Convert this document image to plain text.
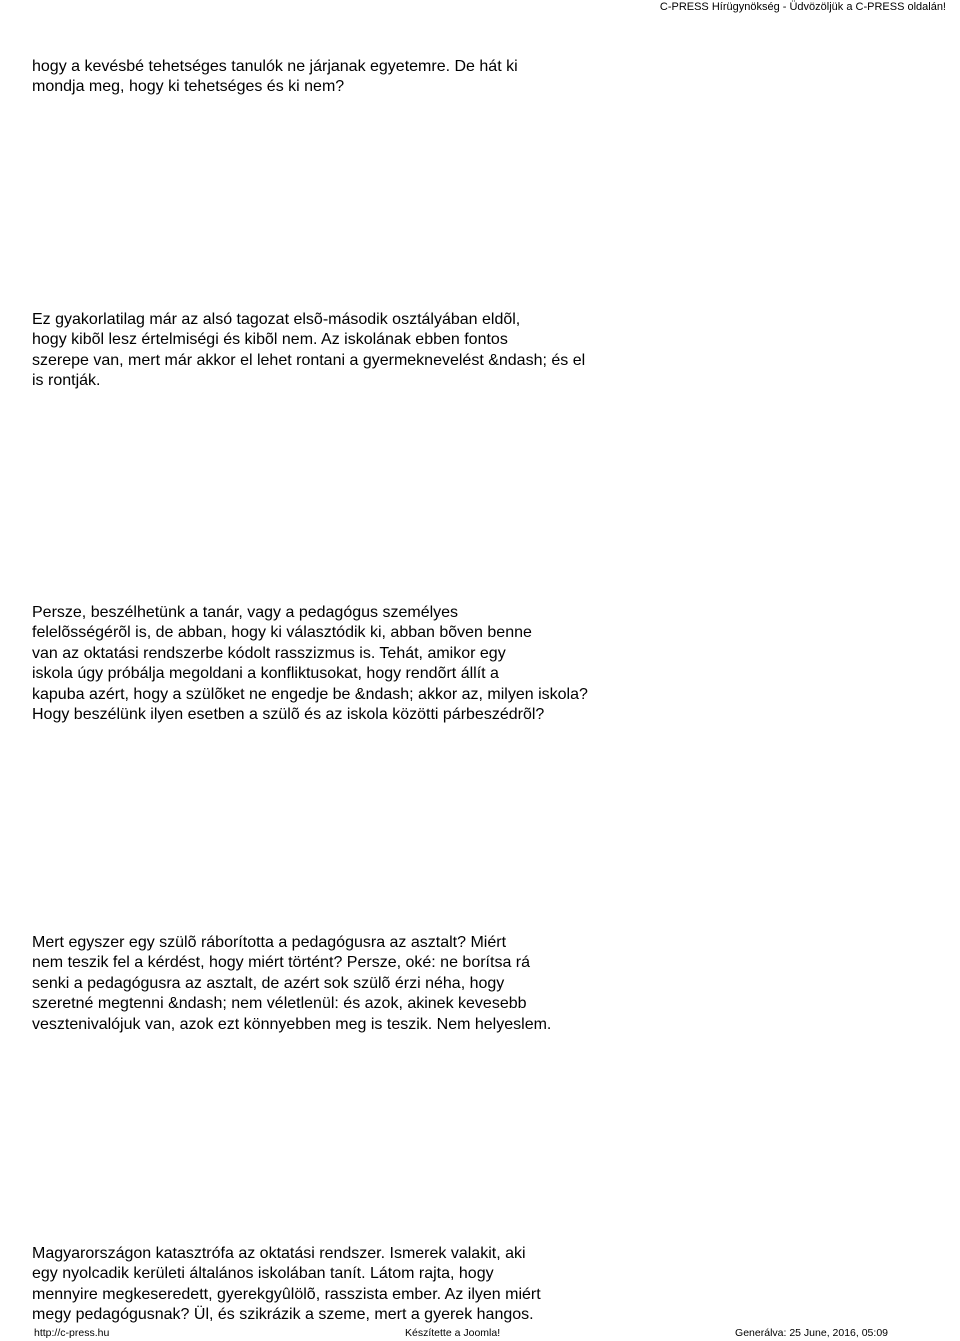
C-PRESS Hírügynökség - Üdvözöljük a C-PRESS oldalán!

hogy a kevésbé tehetséges tanulók ne járjanak egyetemre. De hát ki
mondja meg, hogy ki tehetséges és ki nem?

Ez gyakorlatilag már az alsó tagozat elsõ-második osztályában eldõl,
hogy kibõl lesz értelmiségi és kibõl nem. Az iskolának ebben fontos
szerepe van, mert már akkor el lehet rontani a gyermeknevelést &ndash; és el
is rontják.

Persze, beszélhetünk a tanár, vagy a pedagógus személyes
felelõsségérõl is, de abban, hogy ki választódik ki, abban bõven benne
van az oktatási rendszerbe kódolt rasszizmus is. Tehát, amikor egy
iskola úgy próbálja megoldani a konfliktusokat, hogy rendõrt állít a
kapuba azért, hogy a szülõket ne engedje be &ndash; akkor az, milyen iskola?
Hogy beszélünk ilyen esetben a szülõ és az iskola közötti párbeszédrõl?

Mert egyszer egy szülõ ráborította a pedagógusra az asztalt? Miért
nem teszik fel a kérdést, hogy miért történt? Persze, oké: ne borítsa rá
senki a pedagógusra az asztalt, de azért sok szülõ érzi néha, hogy
szeretné megtenni &ndash; nem véletlenül: és azok, akinek kevesebb
vesztenivalójuk van, azok ezt könnyebben meg is teszik. Nem helyeslem.

Magyarországon katasztrófa az oktatási rendszer. Ismerek valakit, aki
egy nyolcadik kerületi általános iskolában tanít. Látom rajta, hogy
mennyire megkeseredett, gyerekgyûlölõ, rasszista ember. Az ilyen miért
megy pedagógusnak? Ül, és szikrázik a szeme, mert a gyerek hangos.

http://c-press.hu	Készítette a Joomla!	Generálva: 25 June, 2016, 05:09
